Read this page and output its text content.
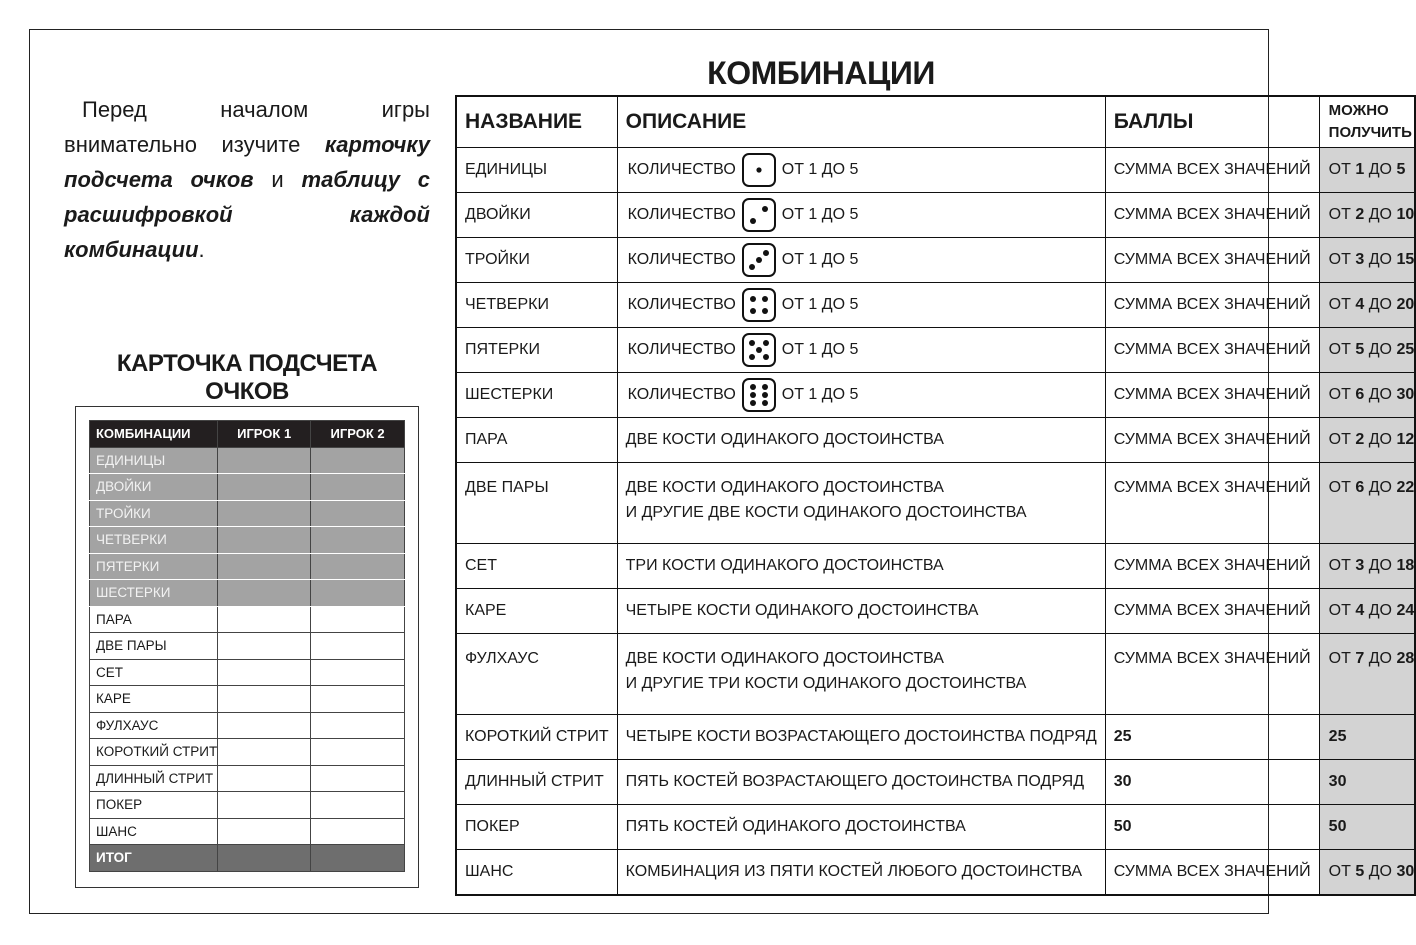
Перед началом игры внимательно изучите карточку подсчета очков и таблицу с расшифровкой каждой комбинации.

КАРТОЧКА ПОДСЧЕТА ОЧКОВ
КОМБИНАЦИИ	ИГРОК 1	ИГРОК 2
ЕДИНИЦЫ		
ДВОЙКИ		
ТРОЙКИ		
ЧЕТВЕРКИ		
ПЯТЕРКИ		
ШЕСТЕРКИ		
ПАРА		
ДВЕ ПАРЫ		
СЕТ		
КАРЕ		
ФУЛХАУС		
КОРОТКИЙ СТРИТ		
ДЛИННЫЙ СТРИТ		
ПОКЕР		
ШАНС		
ИТОГ		
КОМБИНАЦИИ
НАЗВАНИЕ	ОПИСАНИЕ	БАЛЛЫ	МОЖНО
ПОЛУЧИТЬ
ЕДИНИЦЫ	КОЛИЧЕСТВО ОТ 1 ДО 5	СУММА ВСЕХ ЗНАЧЕНИЙ	ОТ 1 ДО 5
ДВОЙКИ	КОЛИЧЕСТВО ОТ 1 ДО 5	СУММА ВСЕХ ЗНАЧЕНИЙ	ОТ 2 ДО 10
ТРОЙКИ	КОЛИЧЕСТВО ОТ 1 ДО 5	СУММА ВСЕХ ЗНАЧЕНИЙ	ОТ 3 ДО 15
ЧЕТВЕРКИ	КОЛИЧЕСТВО ОТ 1 ДО 5	СУММА ВСЕХ ЗНАЧЕНИЙ	ОТ 4 ДО 20
ПЯТЕРКИ	КОЛИЧЕСТВО ОТ 1 ДО 5	СУММА ВСЕХ ЗНАЧЕНИЙ	ОТ 5 ДО 25
ШЕСТЕРКИ	КОЛИЧЕСТВО ОТ 1 ДО 5	СУММА ВСЕХ ЗНАЧЕНИЙ	ОТ 6 ДО 30
ПАРА	ДВЕ КОСТИ ОДИНАКОГО ДОСТОИНСТВА	СУММА ВСЕХ ЗНАЧЕНИЙ	ОТ 2 ДО 12
ДВЕ ПАРЫ	ДВЕ КОСТИ ОДИНАКОГО ДОСТОИНСТВА
И ДРУГИЕ ДВЕ КОСТИ ОДИНАКОГО ДОСТОИНСТВА	СУММА ВСЕХ ЗНАЧЕНИЙ	ОТ 6 ДО 22
СЕТ	ТРИ КОСТИ ОДИНАКОГО ДОСТОИНСТВА	СУММА ВСЕХ ЗНАЧЕНИЙ	ОТ 3 ДО 18
КАРЕ	ЧЕТЫРЕ КОСТИ ОДИНАКОГО ДОСТОИНСТВА	СУММА ВСЕХ ЗНАЧЕНИЙ	ОТ 4 ДО 24
ФУЛХАУС	ДВЕ КОСТИ ОДИНАКОГО ДОСТОИНСТВА
И ДРУГИЕ ТРИ КОСТИ ОДИНАКОГО ДОСТОИНСТВА	СУММА ВСЕХ ЗНАЧЕНИЙ	ОТ 7 ДО 28
КОРОТКИЙ СТРИТ	ЧЕТЫРЕ КОСТИ ВОЗРАСТАЮЩЕГО ДОСТОИНСТВА ПОДРЯД	25	25
ДЛИННЫЙ СТРИТ	ПЯТЬ КОСТЕЙ ВОЗРАСТАЮЩЕГО ДОСТОИНСТВА ПОДРЯД	30	30
ПОКЕР	ПЯТЬ КОСТЕЙ ОДИНАКОГО ДОСТОИНСТВА	50	50
ШАНС	КОМБИНАЦИЯ ИЗ ПЯТИ КОСТЕЙ ЛЮБОГО ДОСТОИНСТВА	СУММА ВСЕХ ЗНАЧЕНИЙ	ОТ 5 ДО 30
